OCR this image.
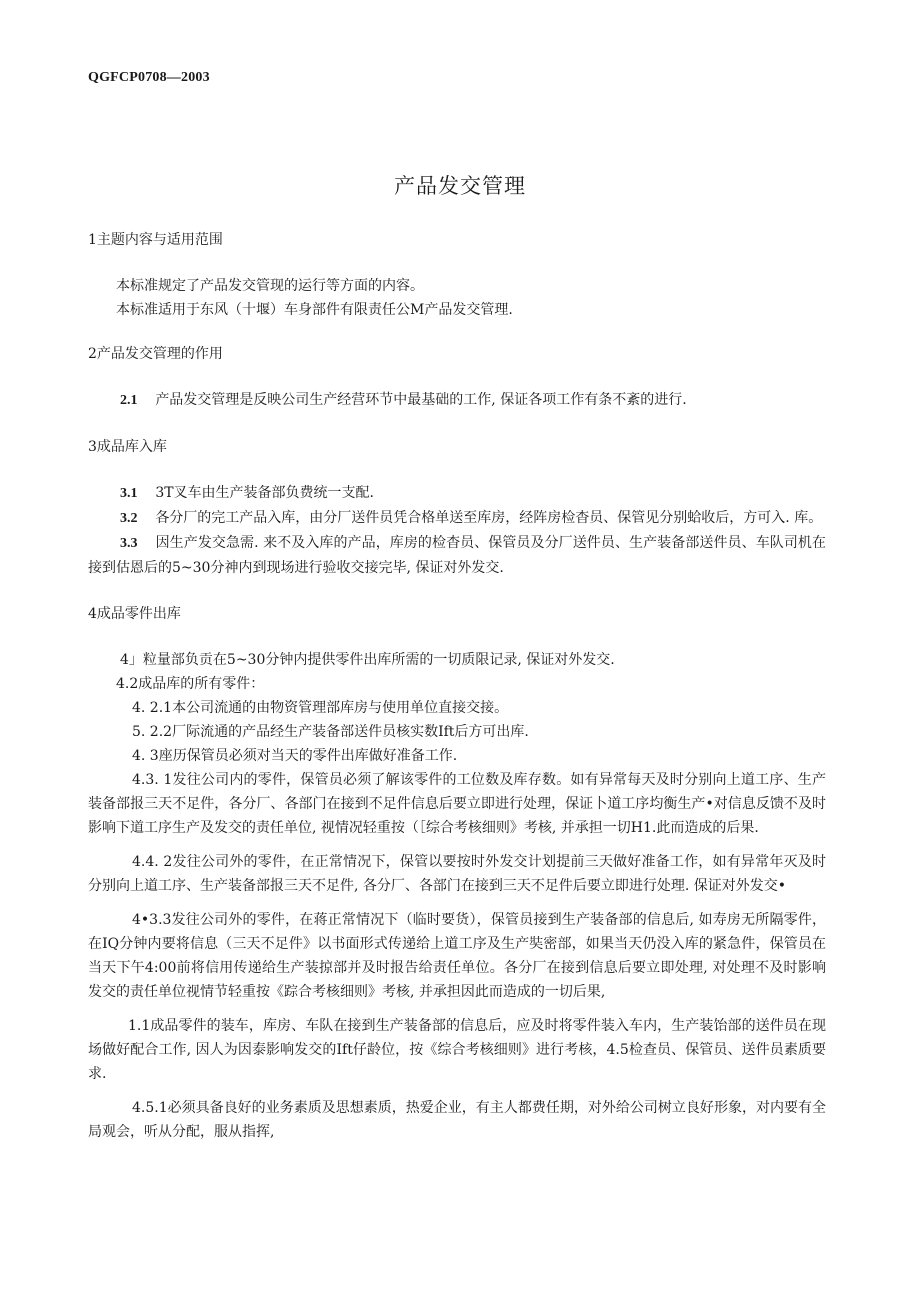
QGFCP0708—2003
产品发交管理

1主题内容与适用范围

本标准规定了产品发交管现的运行等方面的内容。

本标准适用于东风（十堰）车身部件有限责任公M产品发交管理.

2产品发交管理的作用

2.1 产品发交管理是反映公司生产经营环节中最基础的工作, 保证各项工作有条不紊的进行.

3成品库入库

3.1 3T叉车由生产装备部负费统一支配.

3.2 各分厂的完工产品入库，由分厂送件员凭合格单送至库房，经阵房检杳员、保管见分别蛤收后，方可入. 库。

3.3 因生产发交急需. 来不及入库的产品，库房的检杳员、保管员及分厂送件员、生产装备部送件员、车队司机在接到估恩后的5~30分神内到现场进行验收交接完毕, 保证对外发交.

4成品零件出库

4」粒量部负贡在5~30分钟内提供零件出库所需的一切质限记录, 保证对外发交.

4.2成品库的所有零件：

4. 2.1本公司流通的由物资管理部库房与使用单位直接交接。

5. 2.2厂际流通的产品经生产装备部送件员核实数Ift后方可出库.

4. 3座历保管员必须对当天的零件出库做好准备工作.

4.3. 1发往公司内的零件，保管员必须了解该零件的工位数及库存数。如有异常每天及时分别向上道工序、生产装备部报三天不足件，各分厂、各部门在接到不足件信息后要立即进行处理，保证卜道工序均衡生产•对信息反馈不及时影响下道工序生产及发交的责任单位, 视情况轻重按（［综合考核细则》考核, 并承担一切H1.此而造成的后果.

4.4. 2发往公司外的零件，在正常情况下，保管以要按时外发交计划提前三天做好准备工作，如有异常年灭及时分别向上道工序、生产装备部报三天不足件, 各分厂、各部门在接到三天不足件后要立即进行处理. 保证对外发交•

4•3.3发往公司外的零件，在蒋正常情况下（临时要货），保管员接到生产装备部的信息后, 如寿房无所隔零件，在IQ分钟内要将信息（三天不足件》以书面形式传递给上道工序及生产奘密部，如果当天仍没入库的紧急件，保管员在当天下午4:00前将信用传递给生产装掠部并及时报告给责任单位。各分厂在接到信息后要立即处理, 对处理不及时影响发交的责任单位视情节轻重按《踪合考核细则》考核, 并承担因此而造成的一切后果,

1.1成品零件的装车，库房、车队在接到生产装备部的信息后，应及时将零件装入车内，生产装饴部的送件员在现场做好配合工作, 因人为因泰影响发交的Ift仔龄位，按《综合考核细则》进行考核，4.5检查员、保管员、送件员素质要求.

4.5.1必须具备良好的业务素质及思想素质，热爱企业，有主人都费任期，对外给公司树立良好形象，对内要有全局观会，听从分配，服从指挥,
